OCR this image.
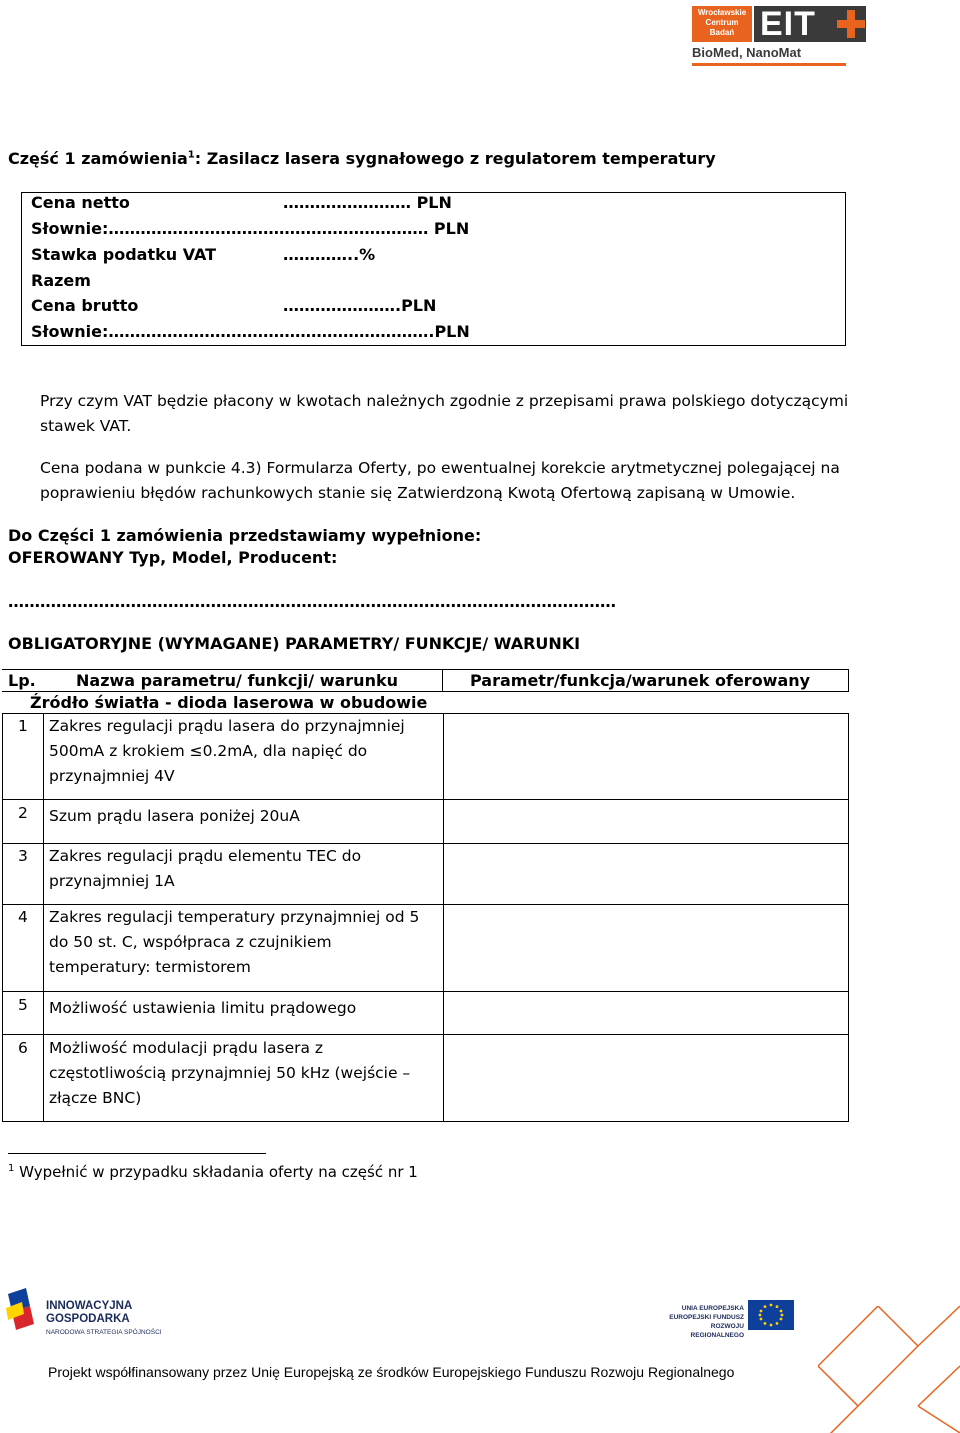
Wrocławskie
Centrum
Badań EIT
BioMed, NanoMat
Część 1 zamówienia$^1$: Zasilacz lasera sygnałowego z regulatorem temperatury
Cena netto	…………………… PLN
Słownie:…………………………………………………… PLN
Stawka podatku VAT	…………..%
Razem
Cena brutto	………………….PLN
Słownie:…………………………………………………….PLN
Przy czym VAT będzie płacony w kwotach należnych zgodnie z przepisami prawa polskiego dotyczącymi stawek VAT.
Cena podana w punkcie 4.3) Formularza Oferty, po ewentualnej korekcie arytmetycznej polegającej na poprawieniu błędów rachunkowych stanie się Zatwierdzoną Kwotą Ofertową zapisaną w Umowie.
Do Części 1 zamówienia przedstawiamy wypełnione:
OFEROWANY Typ, Model, Producent:
……………………………………………………………………………………………………
OBLIGATORYJNE (WYMAGANE) PARAMETRY/ FUNKCJE/ WARUNKI
Lp.	Nazwa parametru/ funkcji/ warunku	Parametr/funkcja/warunek oferowany
Źródło światła - dioda laserowa w obudowie
1 Zakres regulacji prądu lasera do przynajmniej
500mA z krokiem ≤0.2mA, dla napięć do
przynajmniej 4V
2 Szum prądu lasera poniżej 20uA
3 Zakres regulacji prądu elementu TEC do
przynajmniej 1A
4 Zakres regulacji temperatury przynajmniej od 5
do 50 st. C, współpraca z czujnikiem
temperatury: termistorem
5 Możliwość ustawienia limitu prądowego
6 Możliwość modulacji prądu lasera z
częstotliwością przynajmniej 50 kHz (wejście –
złącze BNC)
$^1$ Wypełnić w przypadku składania oferty na część nr 1
INNOWACYJNA
GOSPODARKA
NARODOWA STRATEGIA SPÓJNOŚCI
UNIA EUROPEJSKA
EUROPEJSKI FUNDUSZ
ROZWOJU REGIONALNEGO
Projekt współfinansowany przez Unię Europejską ze środków Europejskiego Funduszu Rozwoju Regionalnego
